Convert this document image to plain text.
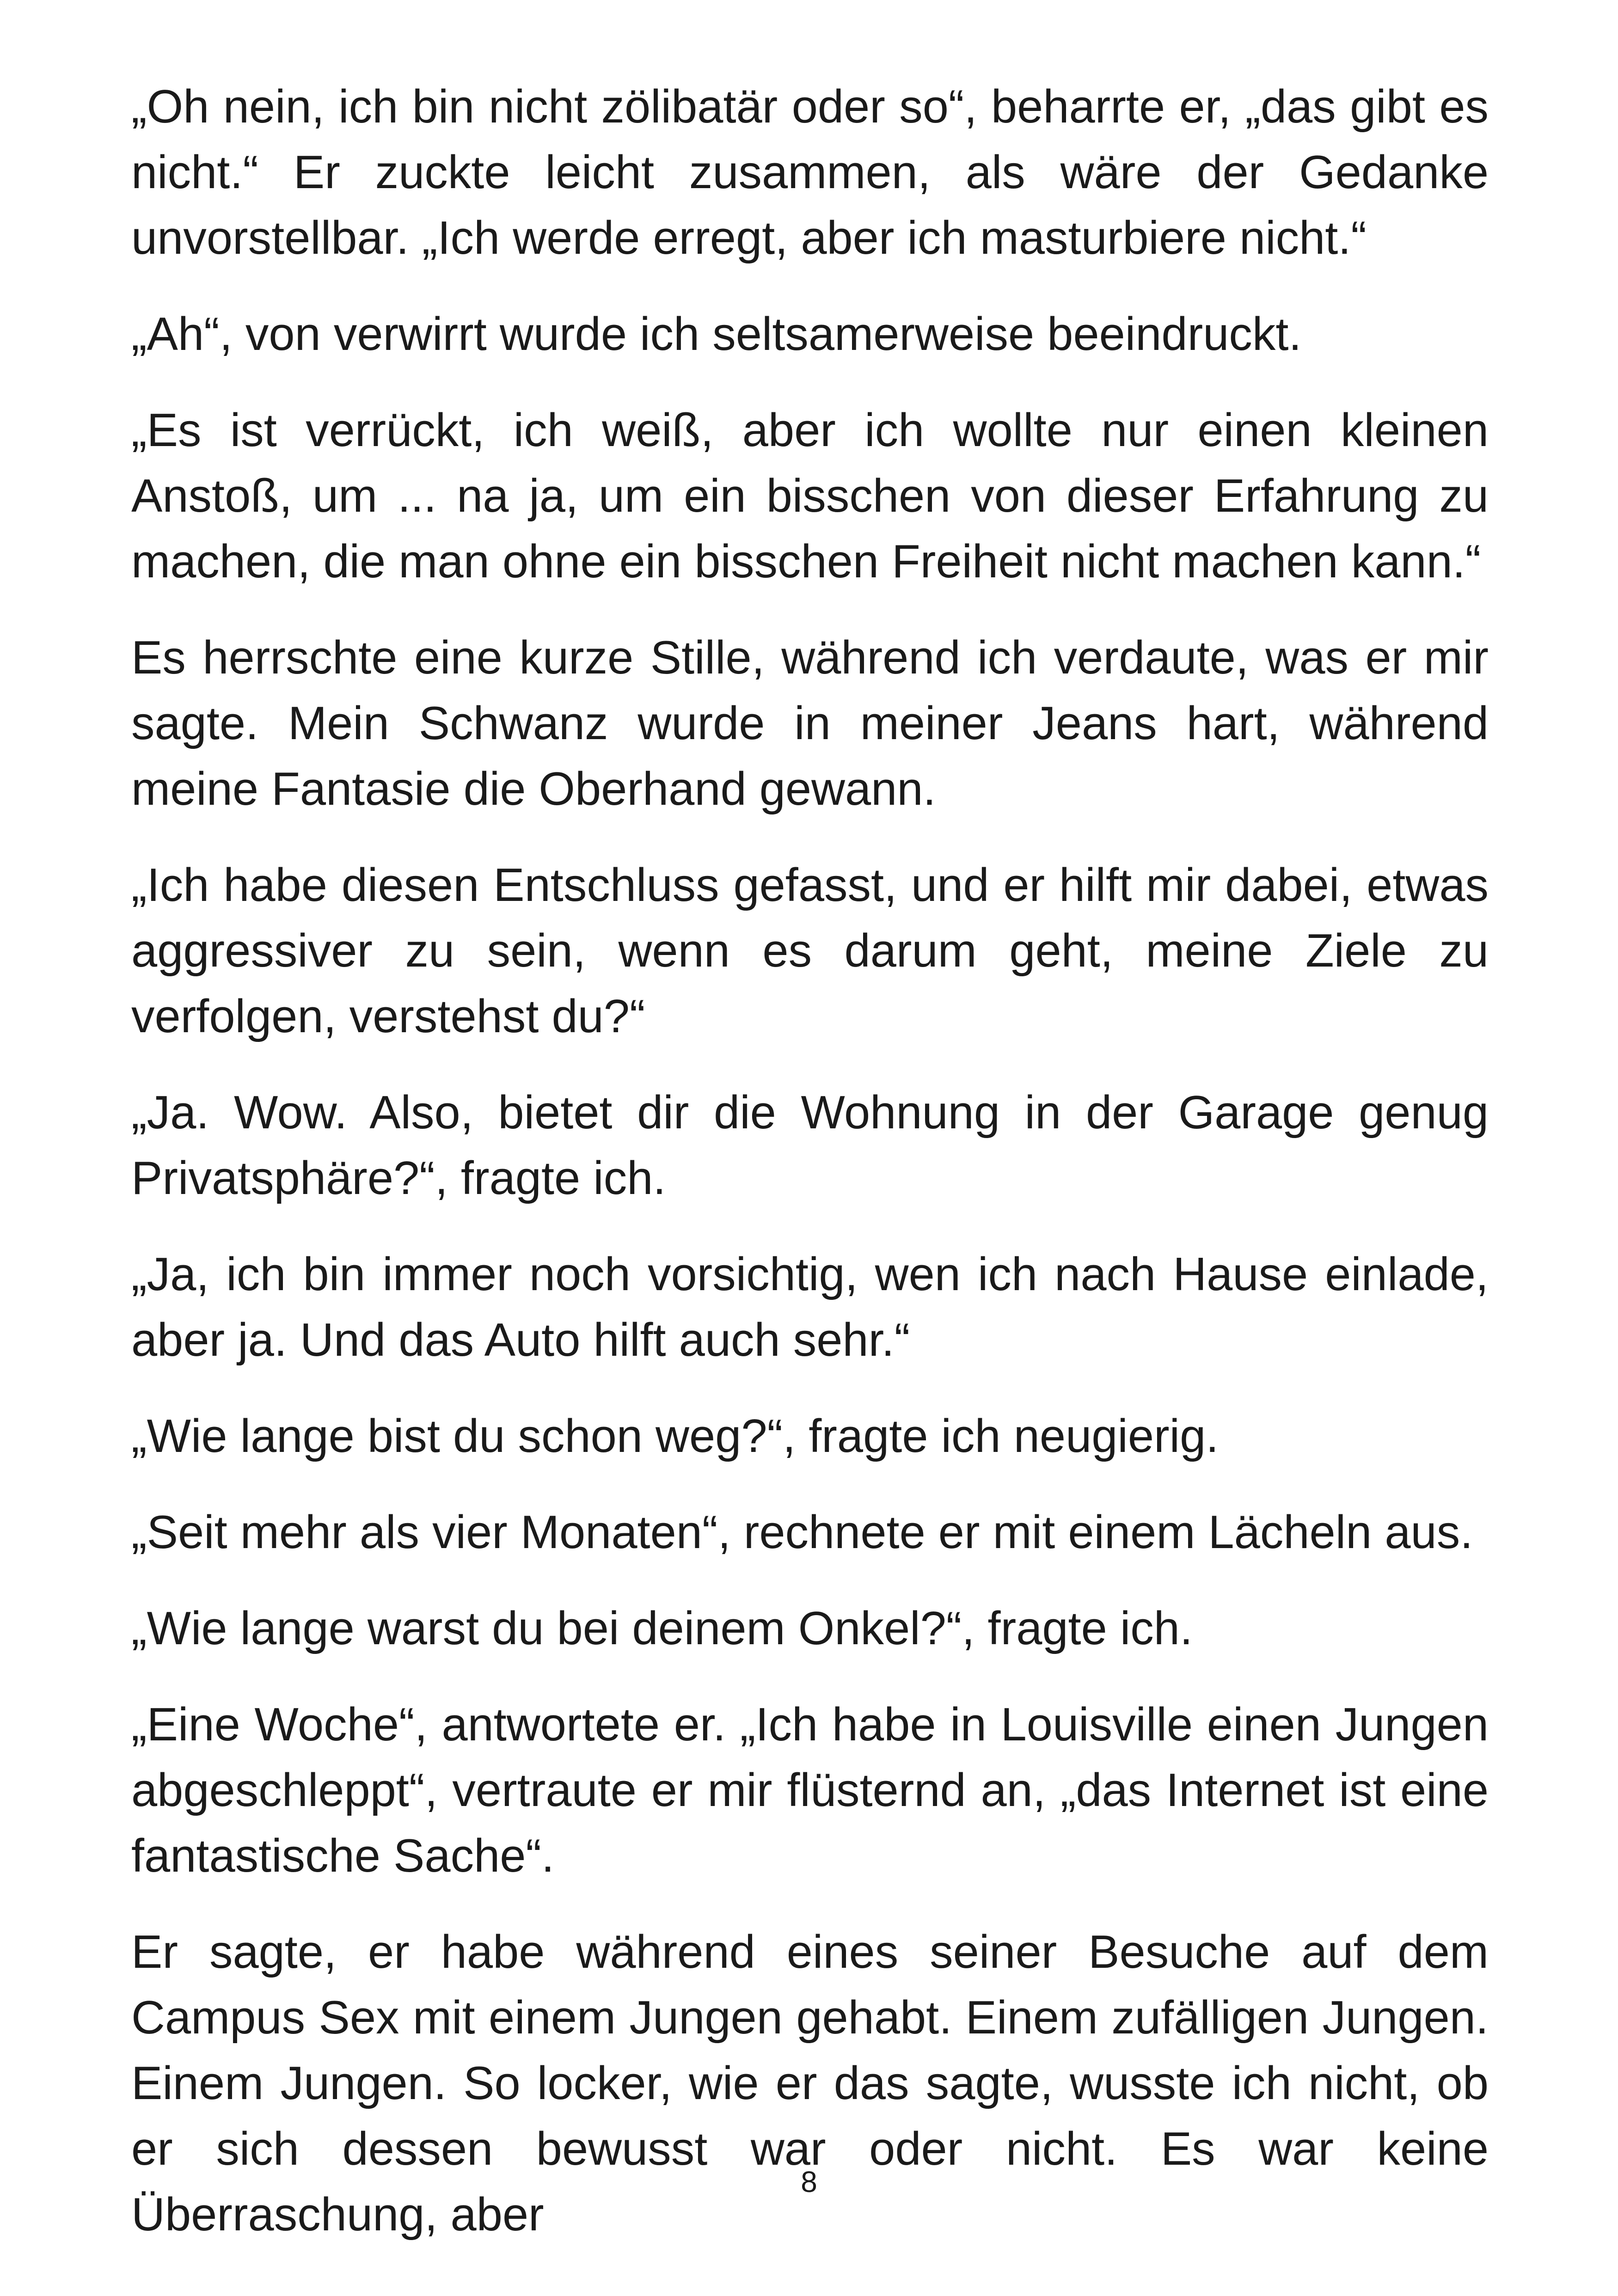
„Oh nein, ich bin nicht zölibatär oder so“, beharrte er, „das gibt es nicht.“ Er zuckte leicht zusammen, als wäre der Gedanke unvorstellbar. „Ich werde erregt, aber ich masturbiere nicht.“

„Ah“, von verwirrt wurde ich seltsamerweise beeindruckt.

„Es ist verrückt, ich weiß, aber ich wollte nur einen kleinen Anstoß, um ... na ja, um ein bisschen von dieser Erfahrung zu machen, die man ohne ein bisschen Freiheit nicht machen kann.“

Es herrschte eine kurze Stille, während ich verdaute, was er mir sagte. Mein Schwanz wurde in meiner Jeans hart, während meine Fantasie die Oberhand gewann.

„Ich habe diesen Entschluss gefasst, und er hilft mir dabei, etwas aggressiver zu sein, wenn es darum geht, meine Ziele zu verfolgen, verstehst du?“

„Ja. Wow. Also, bietet dir die Wohnung in der Garage genug Privatsphäre?“, fragte ich.

„Ja, ich bin immer noch vorsichtig, wen ich nach Hause einlade, aber ja. Und das Auto hilft auch sehr.“

„Wie lange bist du schon weg?“, fragte ich neugierig.

„Seit mehr als vier Monaten“, rechnete er mit einem Lächeln aus.

„Wie lange warst du bei deinem Onkel?“, fragte ich.

„Eine Woche“, antwortete er. „Ich habe in Louisville einen Jungen abgeschleppt“, vertraute er mir flüsternd an, „das Internet ist eine fantastische Sache“.

Er sagte, er habe während eines seiner Besuche auf dem Campus Sex mit einem Jungen gehabt. Einem zufälligen Jungen. Einem Jungen. So locker, wie er das sagte, wusste ich nicht, ob er sich dessen bewusst war oder nicht. Es war keine Überraschung, aber

8
